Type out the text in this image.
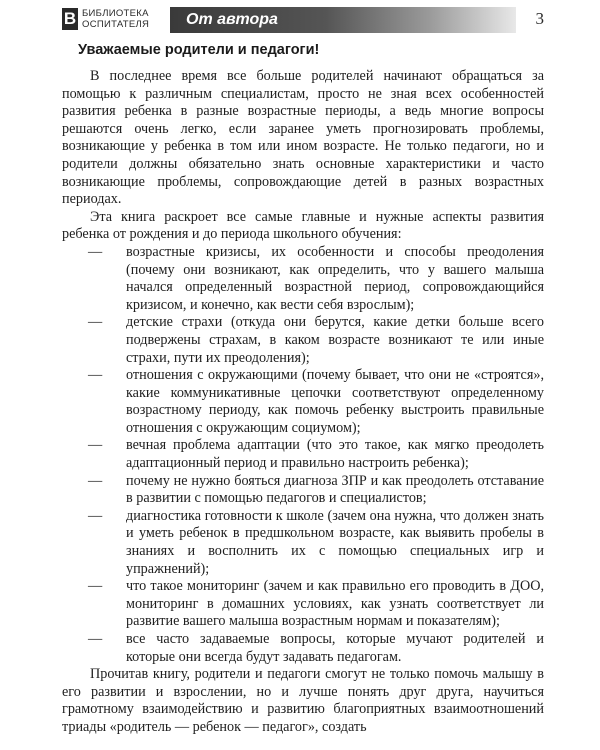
В БИБЛИОТЕКА
ОСПИТАТЕЛЯ От автора	3
Уважаемые родители и педагоги!

В последнее время все больше родителей начинают обращаться за помощью к различным специалистам, просто не зная всех особенностей развития ребенка в разные возрастные периоды, а ведь многие вопросы решаются очень легко, если заранее уметь прогнозировать проблемы, возникающие у ребенка в том или ином возрасте. Не только педагоги, но и родители должны обязательно знать основные характеристики и часто возникающие проблемы, сопровождающие детей в разных возрастных периодах.

Эта книга раскроет все самые главные и нужные аспекты развития ребенка от рождения и до периода школьного обучения:

— возрастные кризисы, их особенности и способы преодоления (почему они возникают, как определить, что у вашего малыша начался определенный возрастной период, сопровождающийся кризисом, и конечно, как вести себя взрослым);
— детские страхи (откуда они берутся, какие детки больше всего подвержены страхам, в каком возрасте возникают те или иные страхи, пути их преодоления);
— отношения с окружающими (почему бывает, что они не «строятся», какие коммуникативные цепочки соответствуют определенному возрастному периоду, как помочь ребенку выстроить правильные отношения с окружающим социумом);
— вечная проблема адаптации (что это такое, как мягко преодолеть адаптационный период и правильно настроить ребенка);
— почему не нужно бояться диагноза ЗПР и как преодолеть отставание в развитии с помощью педагогов и специалистов;
— диагностика готовности к школе (зачем она нужна, что должен знать и уметь ребенок в предшкольном возрасте, как выявить пробелы в знаниях и восполнить их с помощью специальных игр и упражнений);
— что такое мониторинг (зачем и как правильно его проводить в ДОО, мониторинг в домашних условиях, как узнать соответствует ли развитие вашего малыша возрастным нормам и показателям);
— все часто задаваемые вопросы, которые мучают родителей и которые они всегда будут задавать педагогам.

Прочитав книгу, родители и педагоги смогут не только помочь малышу в его развитии и взрослении, но и лучше понять друг друга, научиться грамотному взаимодействию и развитию благоприятных взаимоотношений триады «родитель — ребенок — педагог», создать
